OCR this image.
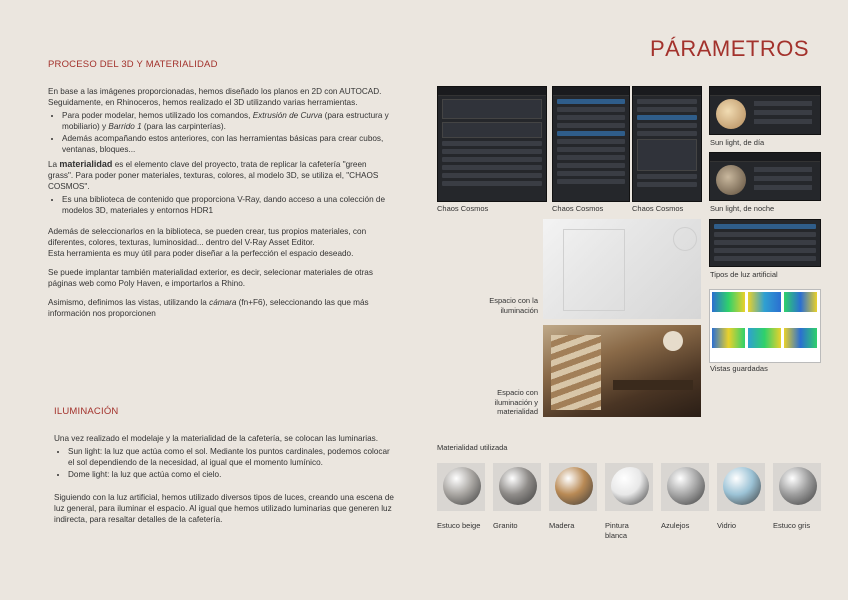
PÁRAMETROS
PROCESO DEL 3D Y MATERIALIDAD

En base a las imágenes proporcionadas, hemos diseñado los planos en 2D con AUTOCAD.
Seguidamente, en Rhinoceros, hemos realizado el 3D utilizando varias herramientas.

• Para poder modelar, hemos utilizado los comandos, Extrusión de Curva (para estructura y mobiliario) y Barrido 1 (para las carpinterías).
• Además acompañando estos anteriores, con las herramientas básicas para crear cubos, ventanas, bloques...

La materialidad es el elemento clave del proyecto, trata de replicar la cafetería "green grass". Para poder poner materiales, texturas, colores, al modelo 3D, se utiliza el, "CHAOS COSMOS".

• Es una biblioteca de contenido que proporciona V-Ray, dando acceso a una colección de modelos 3D, materiales y entornos HDR1

Además de seleccionarlos en la biblioteca, se pueden crear, tus propios materiales, con diferentes, colores, texturas, luminosidad... dentro del V-Ray Asset Editor.
Esta herramienta es muy útil para poder diseñar a la perfección el espacio deseado.

Se puede implantar también materialidad exterior, es decir, selecionar materiales de otras páginas web como Poly Haven, e importarlos a Rhino.

Asimismo, definimos las vistas, utilizando la cámara (fn+F6), seleccionando las que más información nos proporcionen

ILUMINACIÓN

Una vez realizado el modelaje y la materialidad de la cafetería, se colocan las luminarias.

• Sun light: la luz que actúa como el sol. Mediante los puntos cardinales, podemos colocar el sol dependiendo de la necesidad, al igual que el momento lumínico.
• Dome light: la luz que actúa como el cielo.

Siguiendo con la luz artificial, hemos utilizado diversos tipos de luces, creando una escena de luz general, para iluminar el espacio. Al igual que hemos utilizado luminarias que generen luz indirecta, para resaltar detalles de la cafetería.

Chaos Cosmos	Chaos Cosmos	Chaos Cosmos
Sun light, de día
Sun light, de noche
Espacio con la iluminación
Espacio con iluminación y materialidad
Tipos de luz artificial
Vistas guardadas
Materialidad utilizada
Estuco beige Granito	Madera	Pintura blanca
Azulejos	Vidrio	Estuco gris
